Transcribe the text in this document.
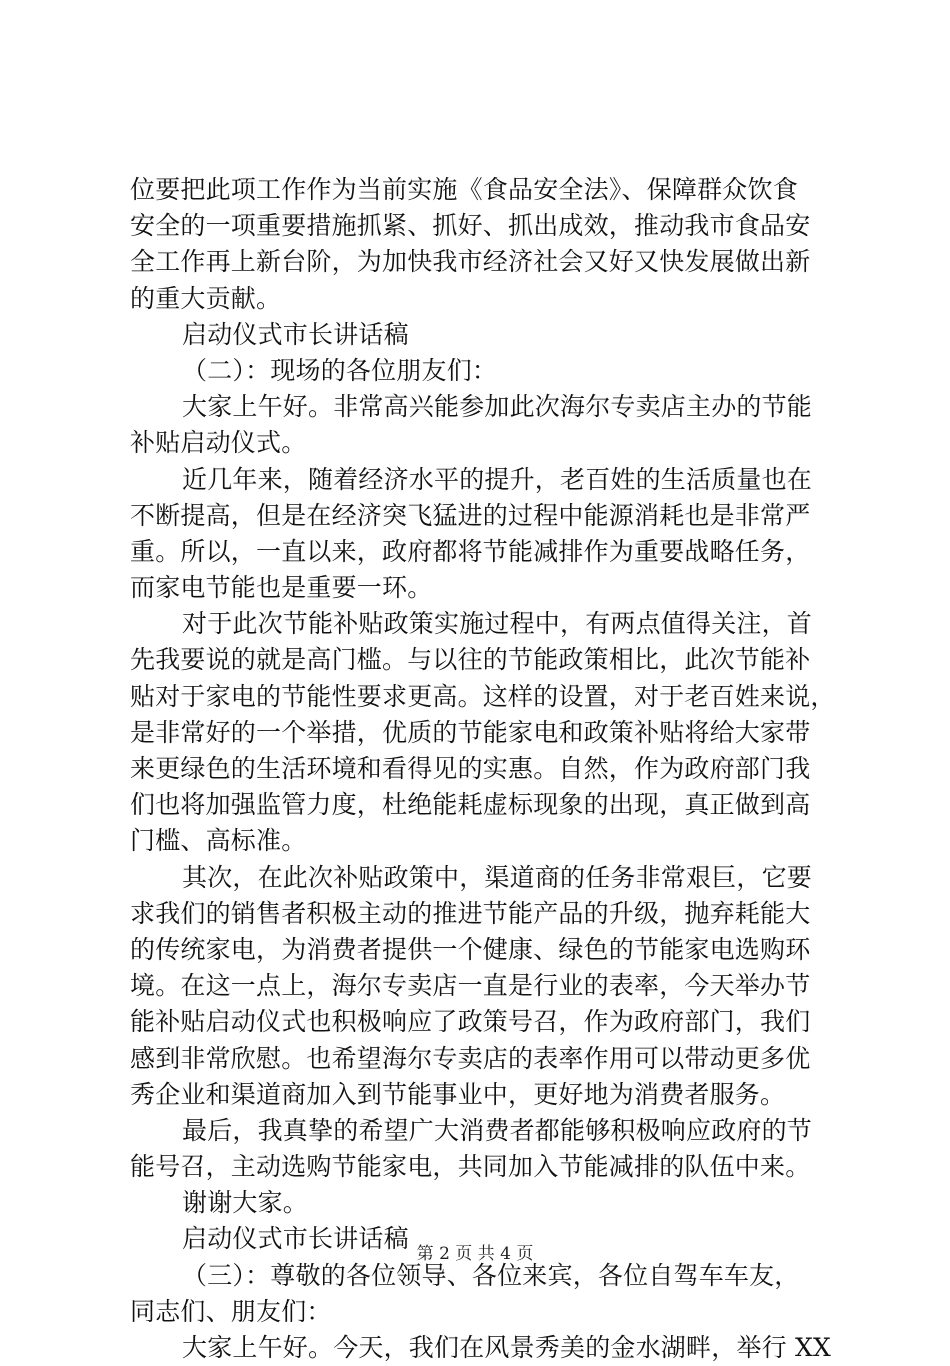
位要把此项工作作为当前实施《食品安全法》、保障群众饮食
安全的一项重要措施抓紧、抓好、抓出成效，推动我市食品安
全工作再上新台阶，为加快我市经济社会又好又快发展做出新
的重大贡献。
启动仪式市长讲话稿
（二）：现场的各位朋友们：
大家上午好。非常高兴能参加此次海尔专卖店主办的节能
补贴启动仪式。
近几年来，随着经济水平的提升，老百姓的生活质量也在
不断提高，但是在经济突飞猛进的过程中能源消耗也是非常严
重。所以，一直以来，政府都将节能减排作为重要战略任务，
而家电节能也是重要一环。
对于此次节能补贴政策实施过程中，有两点值得关注，首
先我要说的就是高门槛。与以往的节能政策相比，此次节能补
贴对于家电的节能性要求更高。这样的设置，对于老百姓来说，
是非常好的一个举措，优质的节能家电和政策补贴将给大家带
来更绿色的生活环境和看得见的实惠。自然，作为政府部门我
们也将加强监管力度，杜绝能耗虚标现象的出现，真正做到高
门槛、高标准。
其次，在此次补贴政策中，渠道商的任务非常艰巨，它要
求我们的销售者积极主动的推进节能产品的升级，抛弃耗能大
的传统家电，为消费者提供一个健康、绿色的节能家电选购环
境。在这一点上，海尔专卖店一直是行业的表率，今天举办节
能补贴启动仪式也积极响应了政策号召，作为政府部门，我们
感到非常欣慰。也希望海尔专卖店的表率作用可以带动更多优
秀企业和渠道商加入到节能事业中，更好地为消费者服务。
最后，我真挚的希望广大消费者都能够积极响应政府的节
能号召，主动选购节能家电，共同加入节能减排的队伍中来。
谢谢大家。
启动仪式市长讲话稿
（三）：尊敬的各位领导、各位来宾，各位自驾车车友，
同志们、朋友们：
大家上午好。今天，我们在风景秀美的金水湖畔，举行 XX
第 2 页 共 4 页
